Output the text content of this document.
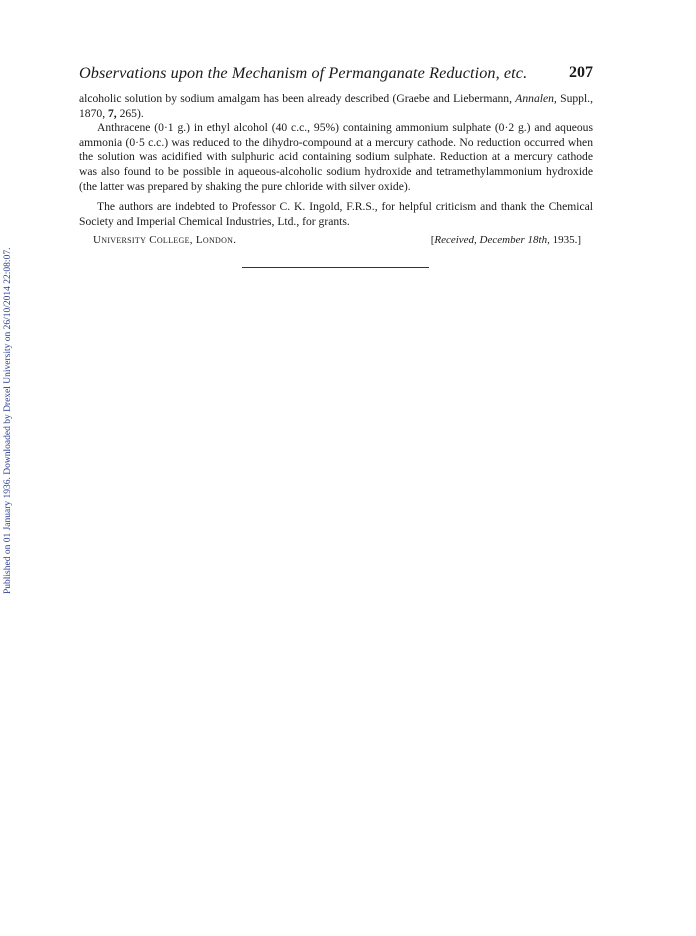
Published on 01 January 1936. Downloaded by Drexel University on 26/10/2014 22:08:07.
Observations upon the Mechanism of Permanganate Reduction, etc.	207

alcoholic solution by sodium amalgam has been already described (Graebe and Liebermann, Annalen, Suppl., 1870, 7, 265).

Anthracene (0·1 g.) in ethyl alcohol (40 c.c., 95%) containing ammonium sulphate (0·2 g.) and aqueous ammonia (0·5 c.c.) was reduced to the dihydro-compound at a mercury cathode. No reduction occurred when the solution was acidified with sulphuric acid containing sodium sulphate. Reduction at a mercury cathode was also found to be possible in aqueous-alcoholic sodium hydroxide and tetramethylammonium hydroxide (the latter was prepared by shaking the pure chloride with silver oxide).

The authors are indebted to Professor C. K. Ingold, F.R.S., for helpful criticism and thank the Chemical Society and Imperial Chemical Industries, Ltd., for grants.

University College, London.	[Received, December 18th, 1935.]
